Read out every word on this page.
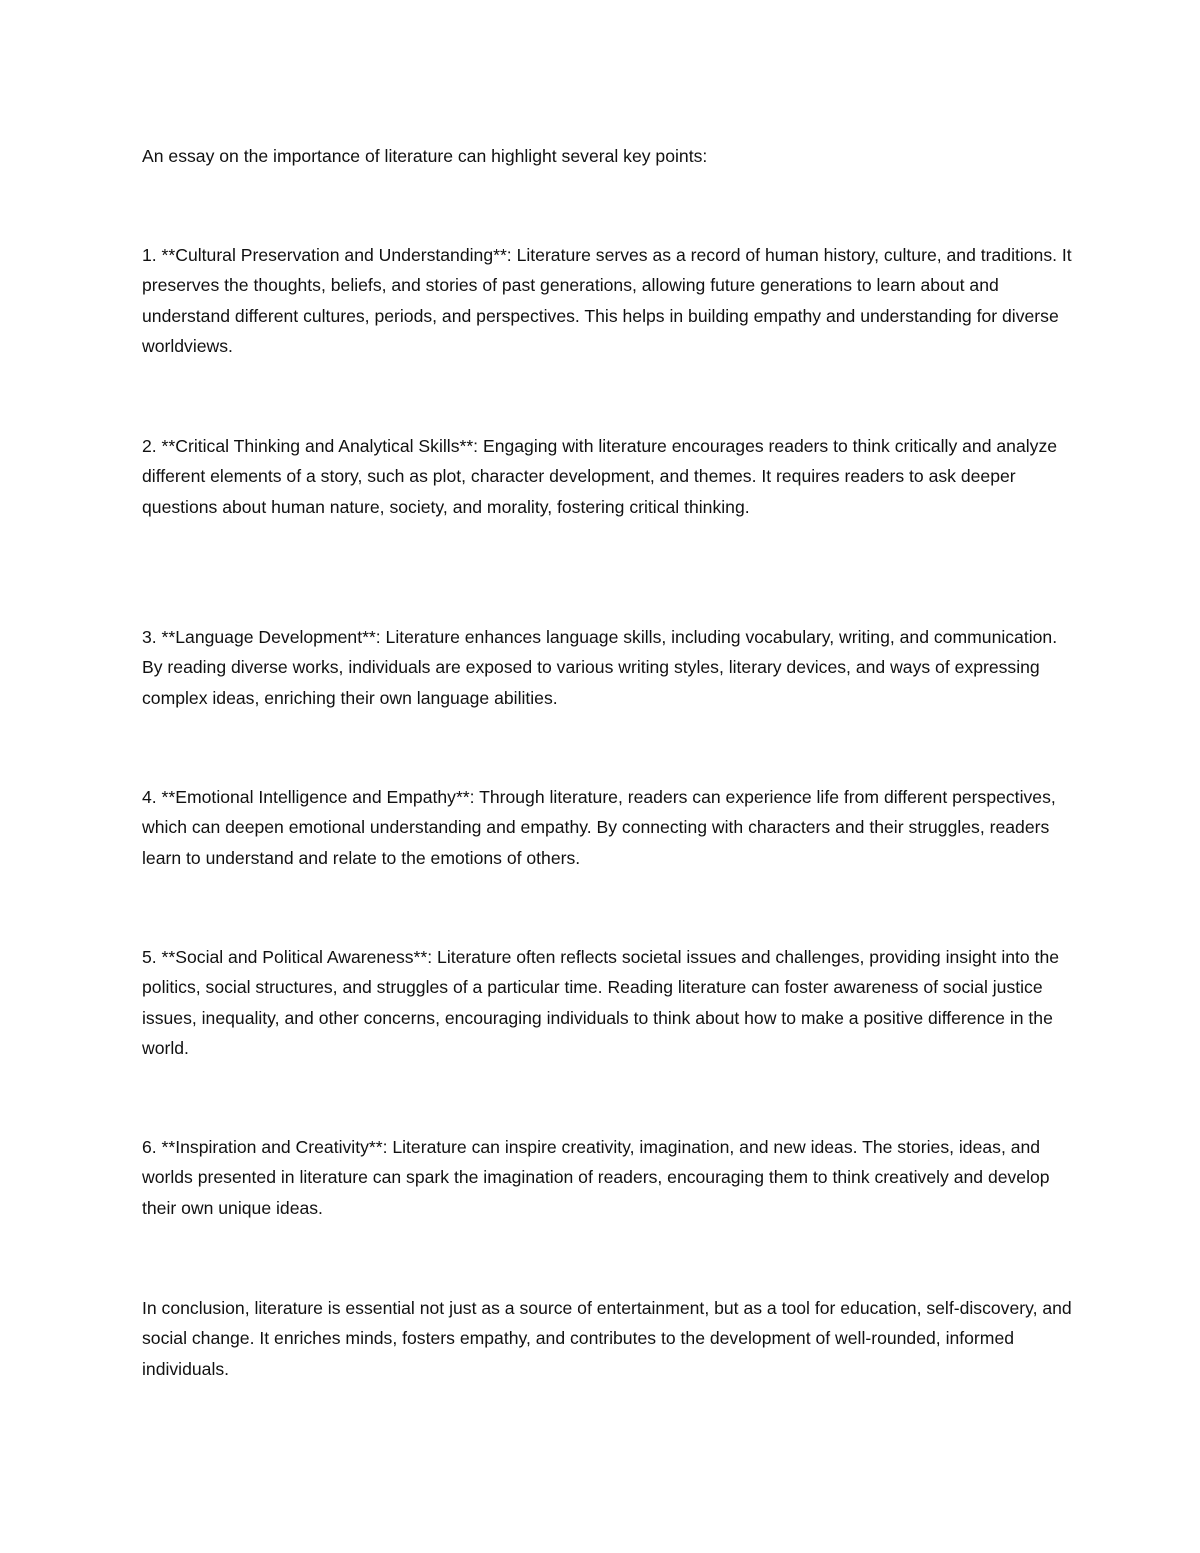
An essay on the importance of literature can highlight several key points:

1. **Cultural Preservation and Understanding**: Literature serves as a record of human history, culture, and traditions. It preserves the thoughts, beliefs, and stories of past generations, allowing future generations to learn about and understand different cultures, periods, and perspectives. This helps in building empathy and understanding for diverse worldviews.

2. **Critical Thinking and Analytical Skills**: Engaging with literature encourages readers to think critically and analyze different elements of a story, such as plot, character development, and themes. It requires readers to ask deeper questions about human nature, society, and morality, fostering critical thinking.

3. **Language Development**: Literature enhances language skills, including vocabulary, writing, and communication. By reading diverse works, individuals are exposed to various writing styles, literary devices, and ways of expressing complex ideas, enriching their own language abilities.

4. **Emotional Intelligence and Empathy**: Through literature, readers can experience life from different perspectives, which can deepen emotional understanding and empathy. By connecting with characters and their struggles, readers learn to understand and relate to the emotions of others.

5. **Social and Political Awareness**: Literature often reflects societal issues and challenges, providing insight into the politics, social structures, and struggles of a particular time. Reading literature can foster awareness of social justice issues, inequality, and other concerns, encouraging individuals to think about how to make a positive difference in the world.

6. **Inspiration and Creativity**: Literature can inspire creativity, imagination, and new ideas. The stories, ideas, and worlds presented in literature can spark the imagination of readers, encouraging them to think creatively and develop their own unique ideas.

In conclusion, literature is essential not just as a source of entertainment, but as a tool for education, self-discovery, and social change. It enriches minds, fosters empathy, and contributes to the development of well-rounded, informed individuals.
